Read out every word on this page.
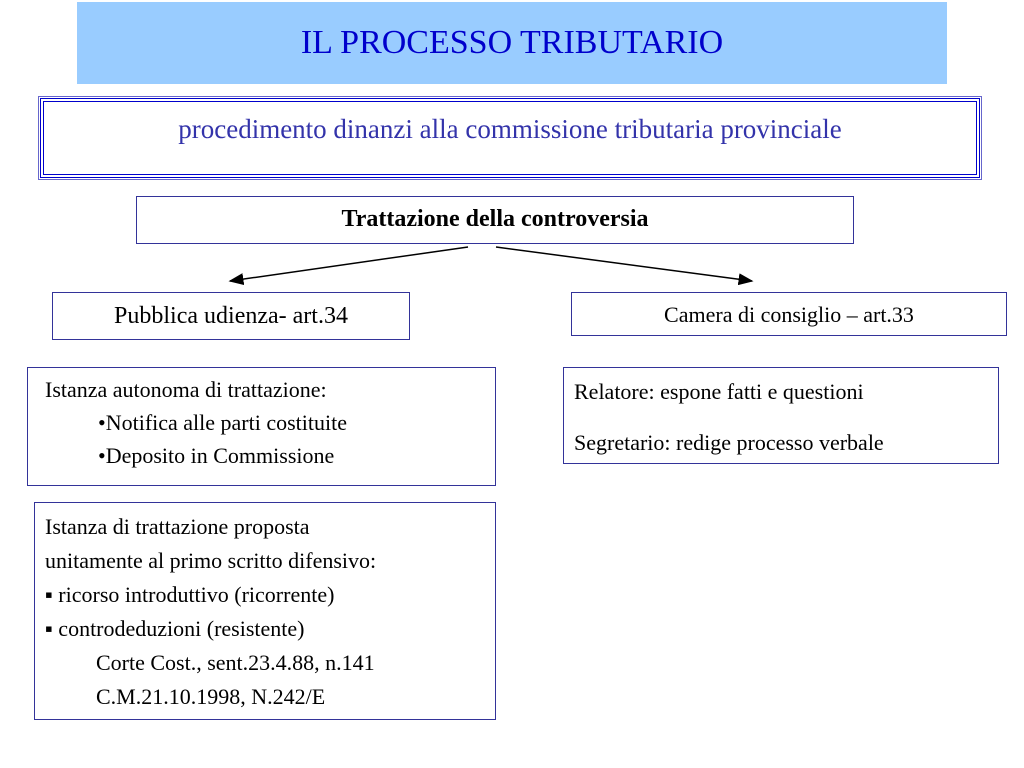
IL PROCESSO TRIBUTARIO
procedimento dinanzi alla commissione tributaria provinciale
Trattazione della controversia
Pubblica udienza- art.34	Camera di consiglio – art.33
Istanza autonoma di trattazione:
•Notifica alle parti costituite
•Deposito in Commissione
Relatore: espone fatti e questioni
Segretario: redige processo verbale
Istanza di trattazione proposta
unitamente al primo scritto difensivo:
▪ ricorso introduttivo (ricorrente)
▪ controdeduzioni (resistente)
Corte Cost., sent.23.4.88, n.141
C.M.21.10.1998, N.242/E
